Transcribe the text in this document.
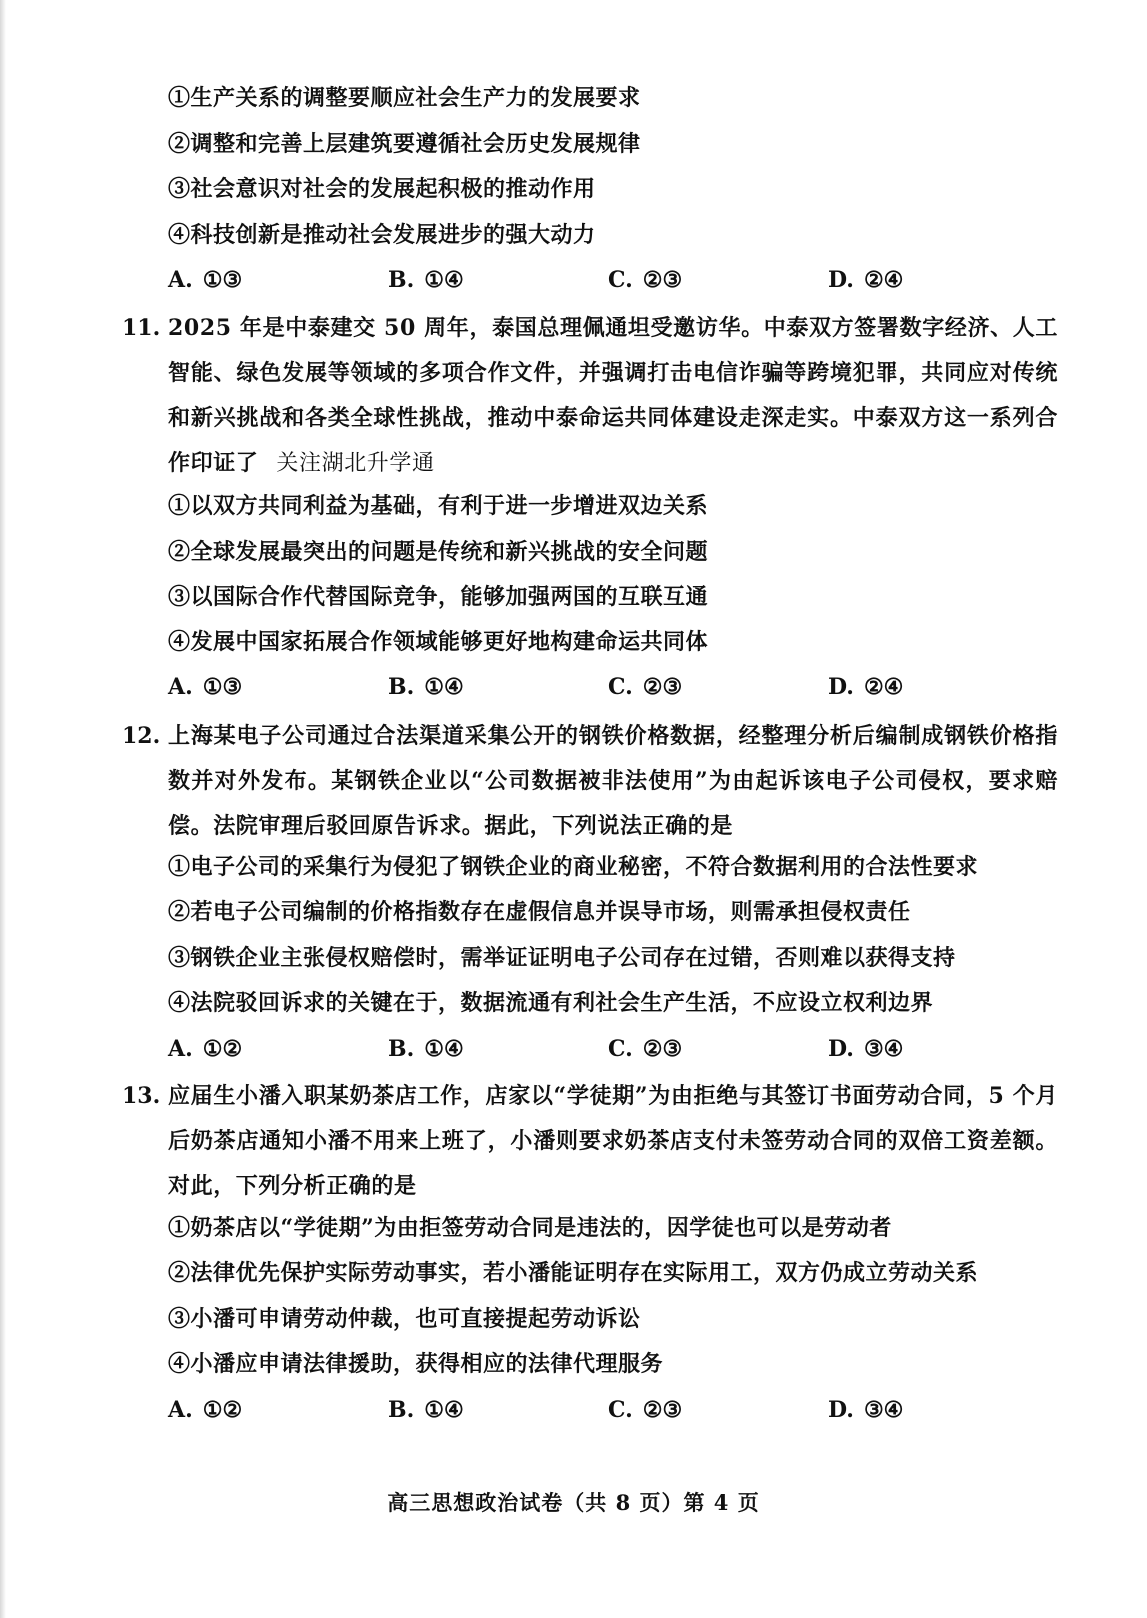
①生产关系的调整要顺应社会生产力的发展要求
②调整和完善上层建筑要遵循社会历史发展规律
③社会意识对社会的发展起积极的推动作用
④科技创新是推动社会发展进步的强大动力
A. ①③	B. ①④	C. ②③	D. ②④
11. 2025 年是中泰建交 50 周年，泰国总理佩通坦受邀访华。中泰双方签署数字经济、人工智能、绿色发展等领域的多项合作文件，并强调打击电信诈骗等跨境犯罪，共同应对传统和新兴挑战和各类全球性挑战，推动中泰命运共同体建设走深走实。中泰双方这一系列合作印证了 关注湖北升学通
①以双方共同利益为基础，有利于进一步增进双边关系
②全球发展最突出的问题是传统和新兴挑战的安全问题
③以国际合作代替国际竞争，能够加强两国的互联互通
④发展中国家拓展合作领域能够更好地构建命运共同体
A. ①③	B. ①④	C. ②③	D. ②④
12. 上海某电子公司通过合法渠道采集公开的钢铁价格数据，经整理分析后编制成钢铁价格指数并对外发布。某钢铁企业以“公司数据被非法使用”为由起诉该电子公司侵权，要求赔偿。法院审理后驳回原告诉求。据此，下列说法正确的是
①电子公司的采集行为侵犯了钢铁企业的商业秘密，不符合数据利用的合法性要求
②若电子公司编制的价格指数存在虚假信息并误导市场，则需承担侵权责任
③钢铁企业主张侵权赔偿时，需举证证明电子公司存在过错，否则难以获得支持
④法院驳回诉求的关键在于，数据流通有利社会生产生活，不应设立权利边界
A. ①②	B. ①④	C. ②③	D. ③④
13. 应届生小潘入职某奶茶店工作，店家以“学徒期”为由拒绝与其签订书面劳动合同，5 个月后奶茶店通知小潘不用来上班了，小潘则要求奶茶店支付未签劳动合同的双倍工资差额。对此，下列分析正确的是
①奶茶店以“学徒期”为由拒签劳动合同是违法的，因学徒也可以是劳动者
②法律优先保护实际劳动事实，若小潘能证明存在实际用工，双方仍成立劳动关系
③小潘可申请劳动仲裁，也可直接提起劳动诉讼
④小潘应申请法律援助，获得相应的法律代理服务
A. ①②	B. ①④	C. ②③	D. ③④
高三思想政治试卷（共 8 页）第 4 页
